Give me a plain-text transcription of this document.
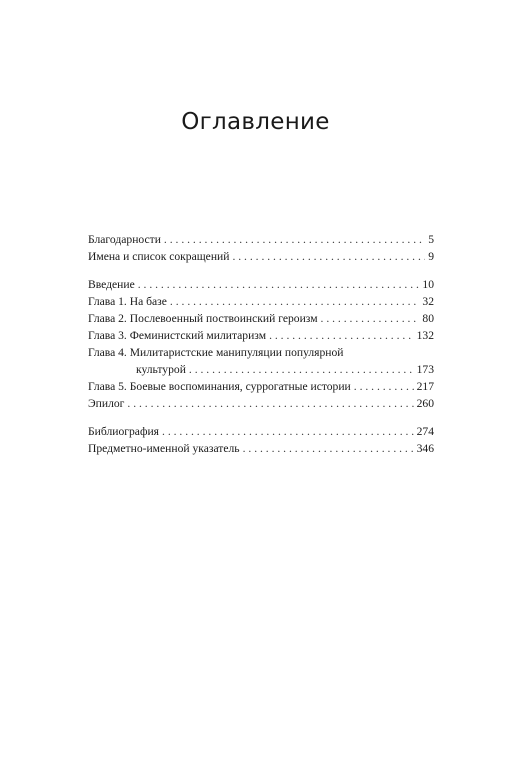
Оглавление
Благодарности . . .	5
Имена и список сокращений . . .	9
Введение . . .	10
Глава 1. На базе . . .	32
Глава 2. Послевоенный поствоинский героизм . . .	80
Глава 3. Феминистский милитаризм . . .	132
Глава 4. Милитаристские манипуляции популярной
культурой . . .	173
Глава 5. Боевые воспоминания, суррогатные истории . . .	217
Эпилог . . .	260
Библиография . . .	274
Предметно-именной указатель . . .	346
